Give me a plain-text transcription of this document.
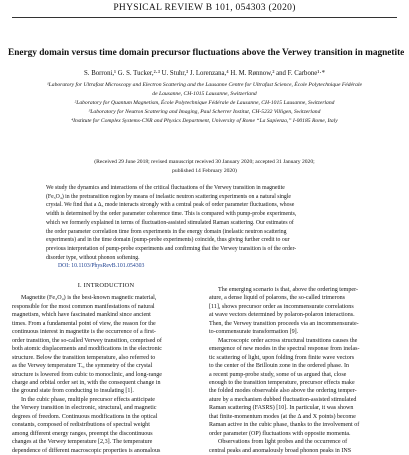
PHYSICAL REVIEW B 101, 054303 (2020)
Energy domain versus time domain precursor fluctuations above the Verwey transition in magnetite
S. Borroni,¹ G. S. Tucker,²·³ U. Stuhr,³ J. Lorenzana,⁴ H. M. Rønnow,² and F. Carbone¹·*
¹Laboratory for Ultrafast Microscopy and Electron Scattering and the Lausanne Centre for Ultrafast Science, École Polytechnique Fédérale
de Lausanne, CH-1015 Lausanne, Switzerland
²Laboratory for Quantum Magnetism, École Polytechnique Fédérale de Lausanne, CH-1015 Lausanne, Switzerland
³Laboratory for Neutron Scattering and Imaging, Paul Scherrer Institut, CH-5232 Villigen, Switzerland
⁴Institute for Complex Systems-CNR and Physics Department, University of Rome “La Sapienza,” I-00185 Rome, Italy
(Received 29 June 2018; revised manuscript received 30 January 2020; accepted 31 January 2020;
published 14 February 2020)
We study the dynamics and interactions of the critical fluctuations of the Verwey transition in magnetite
(Fe₃O₄) in the pretransition region by means of inelastic neutron scattering experiments on a natural single
crystal. We find that a Δ₅ mode interacts strongly with a central peak of order parameter fluctuations, whose
width is determined by the order parameter coherence time. This is compared with pump-probe experiments,
which we formerly explained in terms of fluctuation-assisted stimulated Raman scattering. Our estimates of
the order parameter correlation time from experiments in the energy domain (inelastic neutron scattering
experiments) and in the time domain (pump-probe experiments) coincide, thus giving further credit to our
previous interpretation of pump-probe experiments and confirming that the Verwey transition is of the order-
disorder type, without phonon softening.
DOI: 10.1103/PhysRevB.101.054303
I. INTRODUCTION
Magnetite (Fe₃O₄) is the best-known magnetic material,
responsible for the most common manifestations of natural
magnetism, which have fascinated mankind since ancient
times. From a fundamental point of view, the reason for the
continuous interest in magnetite is the occurrence of a first-
order transition, the so-called Verwey transition, comprised of
both atomic displacements and modifications in the electronic
structure. Below the transition temperature, also referred to
as the Verwey temperature Tᵥ, the symmetry of the crystal
structure is lowered from cubic to monoclinic, and long-range
charge and orbital order set in, with the consequent change in
the ground state from conducting to insulating [1].
In the cubic phase, multiple precursor effects anticipate
the Verwey transition in electronic, structural, and magnetic
degrees of freedom. Continuous modifications in the optical
constants, composed of redistributions of spectral weight
among different energy ranges, preempt the discontinuous
changes at the Verwey temperature [2,3]. The temperature
dependence of different macroscopic properties is anomalous
The emerging scenario is that, above the ordering temper-
ature, a dense liquid of polarons, the so-called trimerons
[11], shows precursor order as incommensurate correlations
at wave vectors determined by polaron-polaron interactions.
Then, the Verwey transition proceeds via an incommensurate-
to-commensurate transformation [9].
Macroscopic order across structural transitions causes the
emergence of new modes in the spectral response from inelas-
tic scattering of light, upon folding from finite wave vectors
to the center of the Brillouin zone in the ordered phase. In
a recent pump-probe study, some of us argued that, close
enough to the transition temperature, precursor effects make
the folded modes observable also above the ordering temper-
ature by a mechanism dubbed fluctuation-assisted stimulated
Raman scattering (FASRS) [10]. In particular, it was shown
that finite-momentum modes (at the Δ and X points) become
Raman active in the cubic phase, thanks to the involvement of
order parameter (OP) fluctuations with opposite momenta.
Observations from light probes and the occurrence of
central peaks and anomalously broad phonon peaks in INS
